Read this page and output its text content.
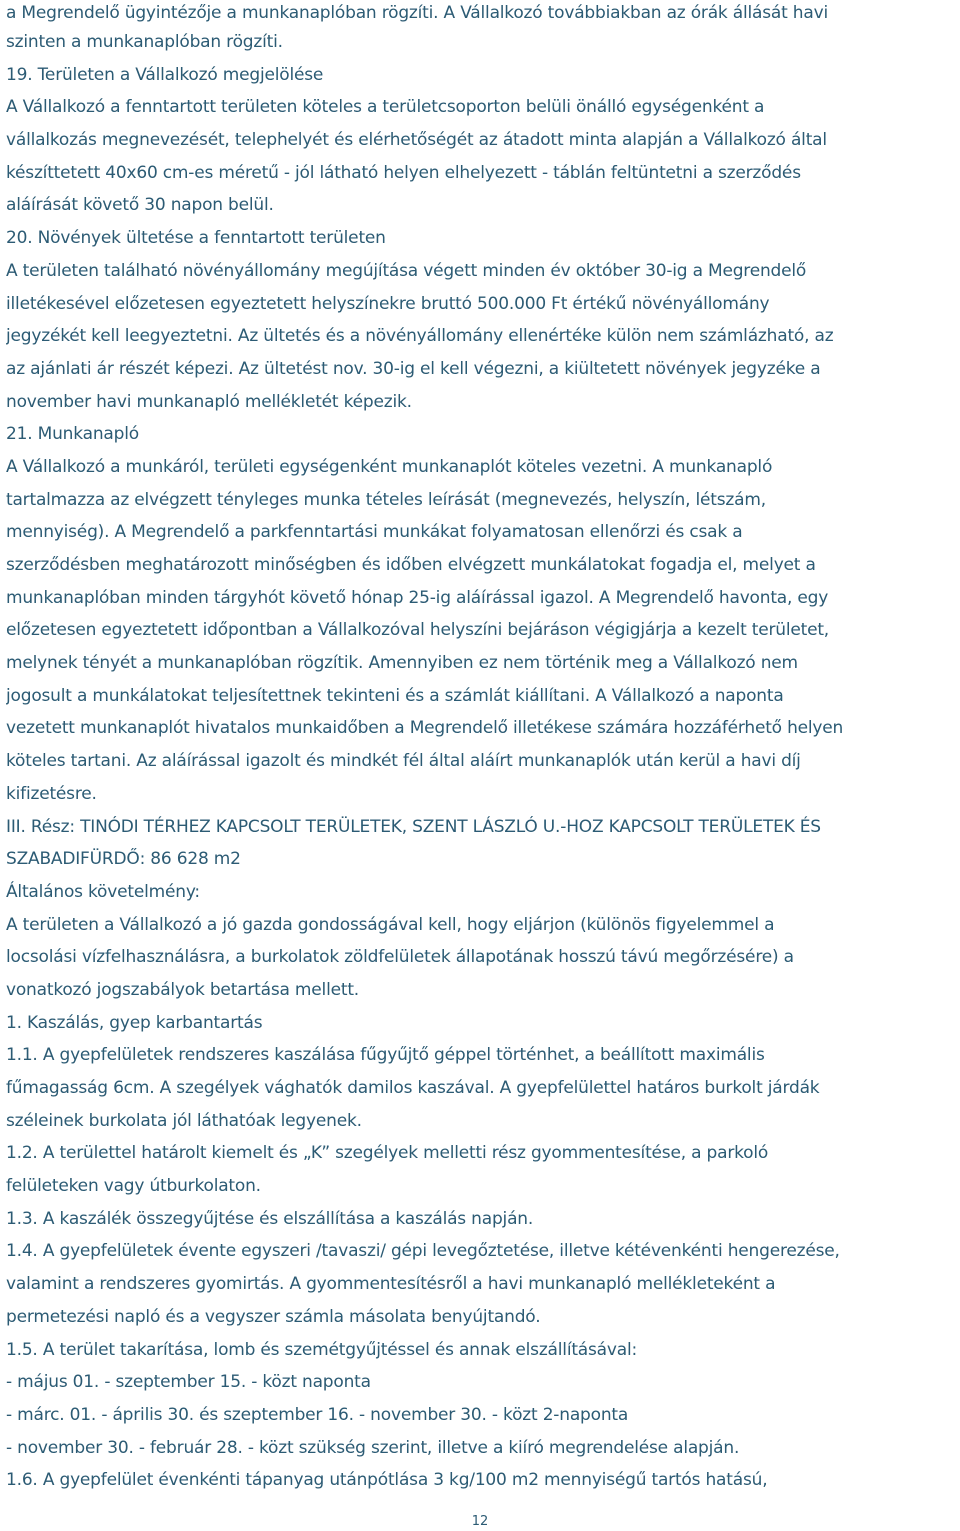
a Megrendelő ügyintézője a munkanaplóban rögzíti. A Vállalkozó továbbiakban az órák állását havi
szinten a munkanaplóban rögzíti.
19. Területen a Vállalkozó megjelölése
A Vállalkozó a fenntartott területen köteles a területcsoporton belüli önálló egységenként a
vállalkozás megnevezését, telephelyét és elérhetőségét az átadott minta alapján a Vállalkozó által
készíttetett 40x60 cm-es méretű - jól látható helyen elhelyezett - táblán feltüntetni a szerződés
aláírását követő 30 napon belül.
20. Növények ültetése a fenntartott területen
A területen található növényállomány megújítása végett minden év október 30-ig a Megrendelő
illetékesével előzetesen egyeztetett helyszínekre bruttó 500.000 Ft értékű növényállomány
jegyzékét kell leegyeztetni. Az ültetés és a növényállomány ellenértéke külön nem számlázható, az
az ajánlati ár részét képezi. Az ültetést nov. 30-ig el kell végezni, a kiültetett növények jegyzéke a
november havi munkanapló mellékletét képezik.
21. Munkanapló
A Vállalkozó a munkáról, területi egységenként munkanaplót köteles vezetni. A munkanapló
tartalmazza az elvégzett tényleges munka tételes leírását (megnevezés, helyszín, létszám,
mennyiség). A Megrendelő a parkfenntartási munkákat folyamatosan ellenőrzi és csak a
szerződésben meghatározott minőségben és időben elvégzett munkálatokat fogadja el, melyet a
munkanaplóban minden tárgyhót követő hónap 25-ig aláírással igazol. A Megrendelő havonta, egy
előzetesen egyeztetett időpontban a Vállalkozóval helyszíni bejáráson végigjárja a kezelt területet,
melynek tényét a munkanaplóban rögzítik. Amennyiben ez nem történik meg a Vállalkozó nem
jogosult a munkálatokat teljesítettnek tekinteni és a számlát kiállítani. A Vállalkozó a naponta
vezetett munkanaplót hivatalos munkaidőben a Megrendelő illetékese számára hozzáférhető helyen
köteles tartani. Az aláírással igazolt és mindkét fél által aláírt munkanaplók után kerül a havi díj
kifizetésre.
III. Rész: TINÓDI TÉRHEZ KAPCSOLT TERÜLETEK, SZENT LÁSZLÓ U.-HOZ KAPCSOLT TERÜLETEK ÉS
SZABADIFÜRDŐ: 86 628 m2
Általános követelmény:
A területen a Vállalkozó a jó gazda gondosságával kell, hogy eljárjon (különös figyelemmel a
locsolási vízfelhasználásra, a burkolatok zöldfelületek állapotának hosszú távú megőrzésére) a
vonatkozó jogszabályok betartása mellett.
1. Kaszálás, gyep karbantartás
1.1. A gyepfelületek rendszeres kaszálása fűgyűjtő géppel történhet, a beállított maximális
fűmagasság 6cm. A szegélyek vághatók damilos kaszával. A gyepfelülettel határos burkolt járdák
széleinek burkolata jól láthatóak legyenek.
1.2. A területtel határolt kiemelt és „K” szegélyek melletti rész gyommentesítése, a parkoló
felületeken vagy útburkolaton.
1.3. A kaszálék összegyűjtése és elszállítása a kaszálás napján.
1.4. A gyepfelületek évente egyszeri /tavaszi/ gépi levegőztetése, illetve kétévenkénti hengerezése,
valamint a rendszeres gyomirtás. A gyommentesítésről a havi munkanapló mellékleteként a
permetezési napló és a vegyszer számla másolata benyújtandó.
1.5. A terület takarítása, lomb és szemétgyűjtéssel és annak elszállításával:
- május 01. - szeptember 15. - közt naponta
- márc. 01. - április 30. és szeptember 16. - november 30. - közt 2-naponta
- november 30. - február 28. - közt szükség szerint, illetve a kiíró megrendelése alapján.
1.6. A gyepfelület évenkénti tápanyag utánpótlása 3 kg/100 m2 mennyiségű tartós hatású,
12
